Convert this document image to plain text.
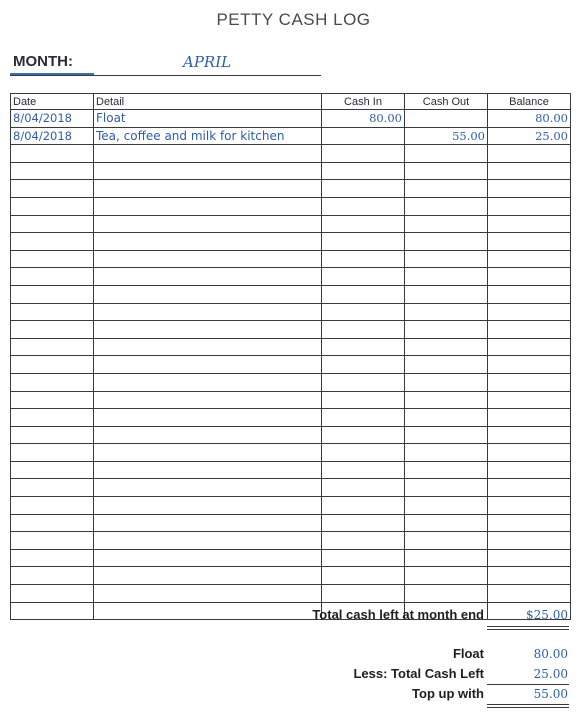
PETTY CASH LOG
MONTH:	APRIL
Date	Detail	Cash In	Cash Out	Balance
8/04/2018	Float	80.00		80.00
8/04/2018	Tea, coffee and milk for kitchen		55.00	25.00

Total cash left at month end	$25.00
Float	80.00
Less: Total Cash Left	25.00
Top up with	55.00
